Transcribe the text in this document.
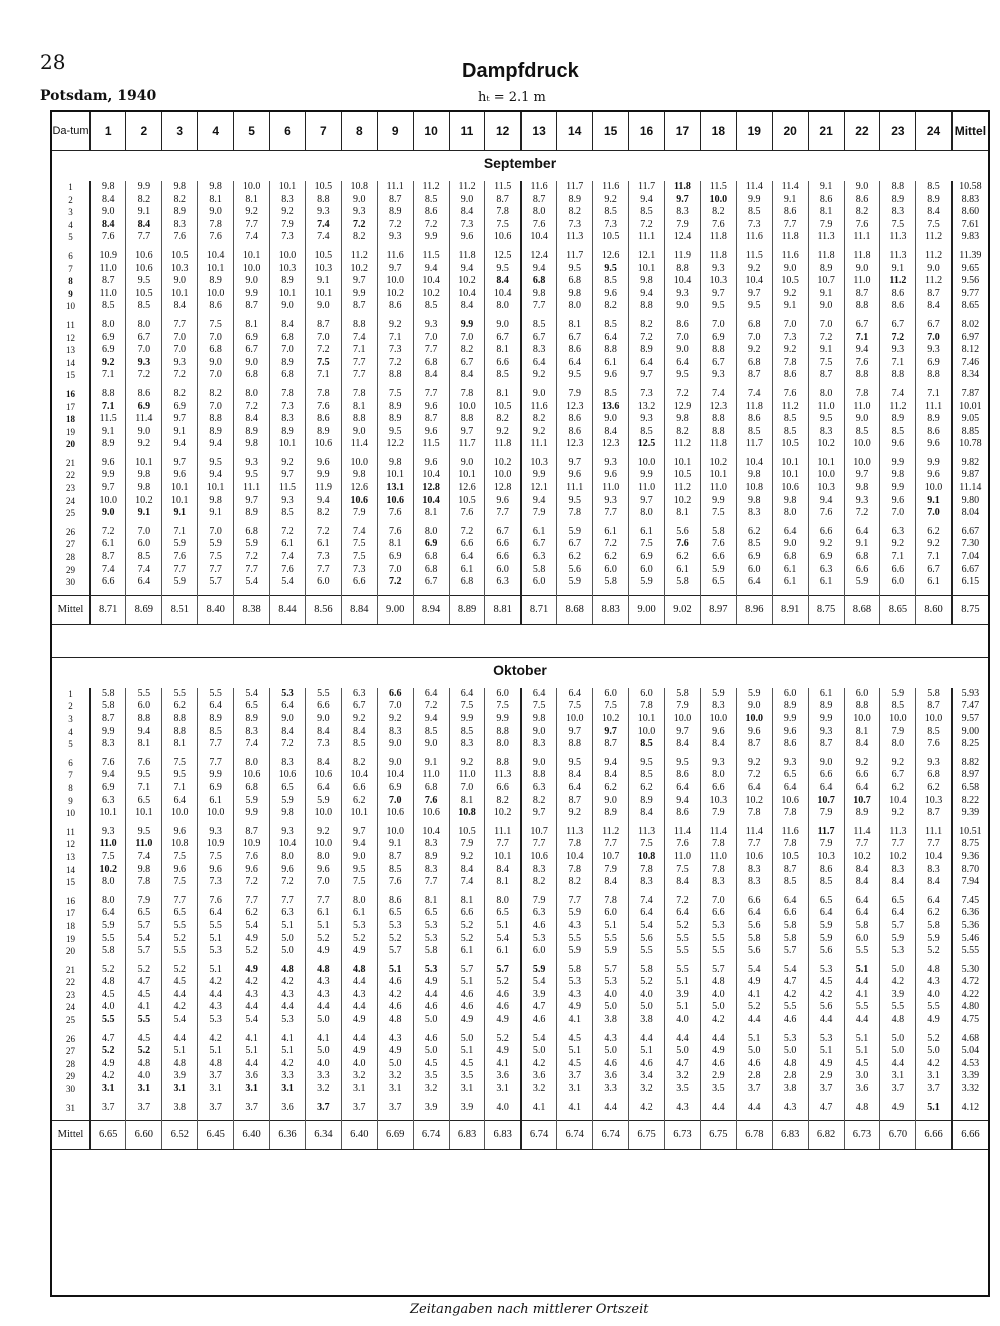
28	Dampfdruck
Potsdam, 1940	hₜ = 2.1 m
Da-tum	1	2	3	4	5	6	7	8	9	10	11	12	13	14	15	16	17	18	19	20	21	22	23	24	Mittel
September																									

1	9.8	9.9	9.8	9.8	10.0	10.1	10.5	10.8	11.1	11.2	11.2	11.5	11.6	11.7	11.6	11.7	11.8	11.5	11.4	11.4	9.1	9.0	8.8	8.5	10.58
2	8.4	8.2	8.2	8.1	8.1	8.3	8.8	9.0	8.7	8.5	9.0	8.7	8.7	8.9	9.2	9.4	9.7	10.0	9.9	9.1	8.6	8.6	8.9	8.9	8.83
3	9.0	9.1	8.9	9.0	9.2	9.2	9.3	9.3	8.9	8.6	8.4	7.8	8.0	8.2	8.5	8.5	8.3	8.2	8.5	8.6	8.1	8.2	8.3	8.4	8.60
4	8.4	8.4	8.3	7.8	7.7	7.9	7.4	7.2	7.2	7.2	7.3	7.5	7.6	7.3	7.3	7.2	7.9	7.6	7.3	7.7	7.9	7.6	7.5	7.5	7.61
5	7.6	7.7	7.6	7.6	7.4	7.3	7.4	8.2	9.3	9.9	9.6	10.6	10.4	11.3	10.5	11.1	12.4	11.8	11.6	11.8	11.3	11.1	11.3	11.2	9.83

6	10.9	10.6	10.5	10.4	10.1	10.0	10.5	11.2	11.6	11.5	11.8	12.5	12.4	11.7	12.6	12.1	11.9	11.8	11.5	11.6	11.8	11.8	11.3	11.2	11.39
7	11.0	10.6	10.3	10.1	10.0	10.3	10.3	10.2	9.7	9.4	9.4	9.5	9.4	9.5	9.5	10.1	8.8	9.3	9.2	9.0	8.9	9.0	9.1	9.0	9.65
8	8.7	9.5	9.0	8.9	9.0	8.9	9.1	9.7	10.0	10.4	10.2	8.4	6.8	6.8	8.5	9.8	10.4	10.3	10.4	10.5	10.7	11.0	11.2	11.2	9.56
9	11.0	10.5	10.1	10.0	9.9	10.1	10.1	9.9	10.2	10.2	10.4	10.4	9.8	9.8	9.6	9.4	9.3	9.7	9.7	9.2	9.1	8.7	8.6	8.7	9.77
10	8.5	8.5	8.4	8.6	8.7	9.0	9.0	8.7	8.6	8.5	8.4	8.0	7.7	8.0	8.2	8.8	9.0	9.5	9.5	9.1	9.0	8.8	8.6	8.4	8.65

11	8.0	8.0	7.7	7.5	8.1	8.4	8.7	8.8	9.2	9.3	9.9	9.0	8.5	8.1	8.5	8.2	8.6	7.0	6.8	7.0	7.0	6.7	6.7	6.7	8.02
12	6.9	6.7	7.0	7.0	6.9	6.8	7.0	7.4	7.1	7.0	7.0	6.7	6.7	6.7	6.4	7.2	7.0	6.9	7.0	7.3	7.2	7.1	7.2	7.0	6.97
13	6.9	7.0	7.0	6.8	6.7	7.0	7.2	7.1	7.3	7.7	8.2	8.1	8.3	8.6	8.8	8.9	9.0	8.8	9.2	9.2	9.1	9.4	9.3	9.3	8.12
14	9.2	9.3	9.3	9.0	9.0	8.9	7.5	7.7	7.2	6.8	6.7	6.6	6.4	6.4	6.1	6.4	6.4	6.7	6.8	7.8	7.5	7.6	7.1	6.9	7.46
15	7.1	7.2	7.2	7.0	6.8	6.8	7.1	7.7	8.8	8.4	8.4	8.5	9.2	9.5	9.6	9.7	9.5	9.3	8.7	8.6	8.7	8.8	8.8	8.8	8.34

16	8.8	8.6	8.2	8.2	8.0	7.8	7.8	7.8	7.5	7.7	7.8	8.1	9.0	7.9	8.5	7.3	7.2	7.4	7.4	7.6	8.0	7.8	7.4	7.1	7.87
17	7.1	6.9	6.9	7.0	7.2	7.3	7.6	8.1	8.9	9.6	10.0	10.5	11.6	12.3	13.6	13.2	12.9	12.3	11.8	11.2	11.0	11.0	11.2	11.1	10.01
18	11.5	11.4	9.7	8.8	8.4	8.3	8.6	8.8	8.9	8.7	8.8	8.2	8.2	8.6	9.0	9.3	9.8	8.8	8.6	8.5	9.5	9.0	8.9	8.9	9.05
19	9.1	9.0	9.1	8.9	8.9	8.9	8.9	9.0	9.5	9.6	9.7	9.2	9.2	8.6	8.4	8.5	8.2	8.8	8.5	8.5	8.3	8.5	8.5	8.6	8.85
20	8.9	9.2	9.4	9.4	9.8	10.1	10.6	11.4	12.2	11.5	11.7	11.8	11.1	12.3	12.3	12.5	11.2	11.8	11.7	10.5	10.2	10.0	9.6	9.6	10.78

21	9.6	10.1	9.7	9.5	9.3	9.2	9.6	10.0	9.8	9.6	9.0	10.2	10.3	9.7	9.3	10.0	10.1	10.2	10.4	10.1	10.1	10.0	9.9	9.9	9.82
22	9.9	9.8	9.6	9.4	9.5	9.7	9.9	9.8	10.1	10.4	10.1	10.0	9.9	9.6	9.6	9.9	10.5	10.1	9.8	10.1	10.0	9.7	9.8	9.6	9.87
23	9.7	9.8	10.1	10.1	11.1	11.5	11.9	12.6	13.1	12.8	12.6	12.8	12.1	11.1	11.0	11.0	11.2	11.0	10.8	10.6	10.3	9.8	9.9	10.0	11.14
24	10.0	10.2	10.1	9.8	9.7	9.3	9.4	10.6	10.6	10.4	10.5	9.6	9.4	9.5	9.3	9.7	10.2	9.9	9.8	9.8	9.4	9.3	9.6	9.1	9.80
25	9.0	9.1	9.1	9.1	8.9	8.5	8.2	7.9	7.6	8.1	7.6	7.7	7.9	7.8	7.7	8.0	8.1	7.5	8.3	8.0	7.6	7.2	7.0	7.0	8.04

26	7.2	7.0	7.1	7.0	6.8	7.2	7.2	7.4	7.6	8.0	7.2	6.7	6.1	5.9	6.1	6.1	5.6	5.8	6.2	6.4	6.6	6.4	6.3	6.2	6.67
27	6.1	6.0	5.9	5.9	5.9	6.1	6.1	7.5	8.1	6.9	6.6	6.6	6.7	6.7	7.2	7.5	7.6	7.6	8.5	9.0	9.2	9.1	9.2	9.2	7.30
28	8.7	8.5	7.6	7.5	7.2	7.4	7.3	7.5	6.9	6.8	6.4	6.6	6.3	6.2	6.2	6.9	6.2	6.6	6.9	6.8	6.9	6.8	7.1	7.1	7.04
29	7.4	7.4	7.7	7.7	7.7	7.6	7.7	7.3	7.0	6.8	6.1	6.0	5.8	5.6	6.0	6.0	6.1	5.9	6.0	6.1	6.3	6.6	6.6	6.7	6.67
30	6.6	6.4	5.9	5.7	5.4	5.4	6.0	6.6	7.2	6.7	6.8	6.3	6.0	5.9	5.8	5.9	5.8	6.5	6.4	6.1	6.1	5.9	6.0	6.1	6.15

Mittel	8.71	8.69	8.51	8.40	8.38	8.44	8.56	8.84	9.00	8.94	8.89	8.81	8.71	8.68	8.83	9.00	9.02	8.97	8.96	8.91	8.75	8.68	8.65	8.60	8.75

Oktober																									

1	5.8	5.5	5.5	5.5	5.4	5.3	5.5	6.3	6.6	6.4	6.4	6.0	6.4	6.4	6.0	6.0	5.8	5.9	5.9	6.0	6.1	6.0	5.9	5.8	5.93
2	5.8	6.0	6.2	6.4	6.5	6.4	6.6	6.7	7.0	7.2	7.5	7.5	7.5	7.5	7.5	7.8	7.9	8.3	9.0	8.9	8.9	8.8	8.5	8.7	7.47
3	8.7	8.8	8.8	8.9	8.9	9.0	9.0	9.2	9.2	9.4	9.9	9.9	9.8	10.0	10.2	10.1	10.0	10.0	10.0	9.9	9.9	10.0	10.0	10.0	9.57
4	9.9	9.4	8.8	8.5	8.3	8.4	8.4	8.4	8.3	8.5	8.5	8.8	9.0	9.7	9.7	10.0	9.7	9.6	9.6	9.6	9.3	8.1	7.9	8.5	9.00
5	8.3	8.1	8.1	7.7	7.4	7.2	7.3	8.5	9.0	9.0	8.3	8.0	8.3	8.8	8.7	8.5	8.4	8.4	8.7	8.6	8.7	8.4	8.0	7.6	8.25

6	7.6	7.6	7.5	7.7	8.0	8.3	8.4	8.2	9.0	9.1	9.2	8.8	9.0	9.5	9.4	9.5	9.5	9.3	9.2	9.3	9.0	9.2	9.2	9.3	8.82
7	9.4	9.5	9.5	9.9	10.6	10.6	10.6	10.4	10.4	11.0	11.0	11.3	8.8	8.4	8.4	8.5	8.6	8.0	7.2	6.5	6.6	6.6	6.7	6.8	8.97
8	6.9	7.1	7.1	6.9	6.8	6.5	6.4	6.6	6.9	6.8	7.0	6.6	6.3	6.4	6.2	6.2	6.4	6.6	6.4	6.4	6.4	6.4	6.2	6.2	6.58
9	6.3	6.5	6.4	6.1	5.9	5.9	5.9	6.2	7.0	7.6	8.1	8.2	8.2	8.7	9.0	8.9	9.4	10.3	10.2	10.6	10.7	10.7	10.4	10.3	8.22
10	10.1	10.1	10.0	10.0	9.9	9.8	10.0	10.1	10.6	10.6	10.8	10.2	9.7	9.2	8.9	8.4	8.6	7.9	7.8	7.8	7.9	8.9	9.2	8.7	9.39

11	9.3	9.5	9.6	9.3	8.7	9.3	9.2	9.7	10.0	10.4	10.5	11.1	10.7	11.3	11.2	11.3	11.4	11.4	11.4	11.6	11.7	11.4	11.3	11.1	10.51
12	11.0	11.0	10.8	10.9	10.9	10.4	10.0	9.4	9.1	8.3	7.9	7.7	7.7	7.8	7.7	7.5	7.6	7.8	7.7	7.8	7.9	7.7	7.7	7.7	8.75
13	7.5	7.4	7.5	7.5	7.6	8.0	8.0	9.0	8.7	8.9	9.2	10.1	10.6	10.4	10.7	10.8	11.0	11.0	10.6	10.5	10.3	10.2	10.2	10.4	9.36
14	10.2	9.8	9.6	9.6	9.6	9.6	9.6	9.5	8.5	8.3	8.4	8.4	8.3	7.8	7.9	7.8	7.5	7.8	8.3	8.7	8.6	8.4	8.3	8.3	8.70
15	8.0	7.8	7.5	7.3	7.2	7.2	7.0	7.5	7.6	7.7	7.4	8.1	8.2	8.2	8.4	8.3	8.4	8.3	8.3	8.5	8.5	8.4	8.4	8.4	7.94

16	8.0	7.9	7.7	7.6	7.7	7.7	7.7	8.0	8.6	8.1	8.1	8.0	7.9	7.7	7.8	7.4	7.2	7.0	6.6	6.4	6.5	6.4	6.5	6.4	7.45
17	6.4	6.5	6.5	6.4	6.2	6.3	6.1	6.1	6.5	6.5	6.6	6.5	6.3	5.9	6.0	6.4	6.4	6.6	6.4	6.6	6.4	6.4	6.4	6.2	6.36
18	5.9	5.7	5.5	5.5	5.4	5.1	5.1	5.3	5.3	5.3	5.2	5.1	4.6	4.3	5.1	5.4	5.2	5.3	5.6	5.8	5.9	5.8	5.7	5.8	5.36
19	5.5	5.4	5.2	5.1	4.9	5.0	5.2	5.2	5.2	5.3	5.2	5.4	5.3	5.5	5.5	5.6	5.5	5.5	5.8	5.8	5.9	6.0	5.9	5.9	5.46
20	5.8	5.7	5.5	5.3	5.2	5.0	4.9	4.9	5.7	5.8	6.1	6.1	6.0	5.9	5.9	5.5	5.5	5.5	5.6	5.7	5.6	5.5	5.3	5.2	5.55

21	5.2	5.2	5.2	5.1	4.9	4.8	4.8	4.8	5.1	5.3	5.7	5.7	5.9	5.8	5.7	5.8	5.5	5.7	5.4	5.4	5.3	5.1	5.0	4.8	5.30
22	4.8	4.7	4.5	4.2	4.2	4.2	4.3	4.4	4.6	4.9	5.1	5.2	5.4	5.3	5.3	5.2	5.1	4.8	4.9	4.7	4.5	4.4	4.2	4.3	4.72
23	4.5	4.5	4.4	4.4	4.3	4.3	4.3	4.3	4.2	4.4	4.6	4.6	3.9	4.3	4.0	4.0	3.9	4.0	4.1	4.2	4.2	4.1	3.9	4.0	4.22
24	4.0	4.1	4.2	4.3	4.4	4.4	4.4	4.4	4.6	4.6	4.6	4.6	4.7	4.9	5.0	5.0	5.1	5.0	5.2	5.5	5.6	5.5	5.5	5.5	4.80
25	5.5	5.5	5.4	5.3	5.4	5.3	5.0	4.9	4.8	5.0	4.9	4.9	4.6	4.1	3.8	3.8	4.0	4.2	4.4	4.6	4.4	4.4	4.8	4.9	4.75

26	4.7	4.5	4.4	4.2	4.1	4.1	4.1	4.4	4.3	4.6	5.0	5.2	5.4	4.5	4.3	4.4	4.4	4.4	5.1	5.3	5.3	5.1	5.0	5.2	4.68
27	5.2	5.2	5.1	5.1	5.1	5.1	5.0	4.9	4.9	5.0	5.1	4.9	5.0	5.1	5.0	5.1	5.0	4.9	5.0	5.0	5.1	5.1	5.0	5.0	5.04
28	4.9	4.8	4.8	4.8	4.4	4.2	4.0	4.0	5.0	4.5	4.5	4.1	4.2	4.5	4.6	4.6	4.7	4.6	4.6	4.8	4.9	4.5	4.4	4.2	4.53
29	4.2	4.0	3.9	3.7	3.6	3.3	3.3	3.2	3.2	3.5	3.5	3.6	3.6	3.7	3.6	3.4	3.2	2.9	2.8	2.8	2.9	3.0	3.1	3.1	3.39
30	3.1	3.1	3.1	3.1	3.1	3.1	3.2	3.1	3.1	3.2	3.1	3.1	3.2	3.1	3.3	3.2	3.5	3.5	3.7	3.8	3.7	3.6	3.7	3.7	3.32

31	3.7	3.7	3.8	3.7	3.7	3.6	3.7	3.7	3.7	3.9	3.9	4.0	4.1	4.1	4.4	4.2	4.3	4.4	4.4	4.3	4.7	4.8	4.9	5.1	4.12

Mittel	6.65	6.60	6.52	6.45	6.40	6.36	6.34	6.40	6.69	6.74	6.83	6.83	6.74	6.74	6.74	6.75	6.73	6.75	6.78	6.83	6.82	6.73	6.70	6.66	6.66
Zeitangaben nach mittlerer Ortszeit
